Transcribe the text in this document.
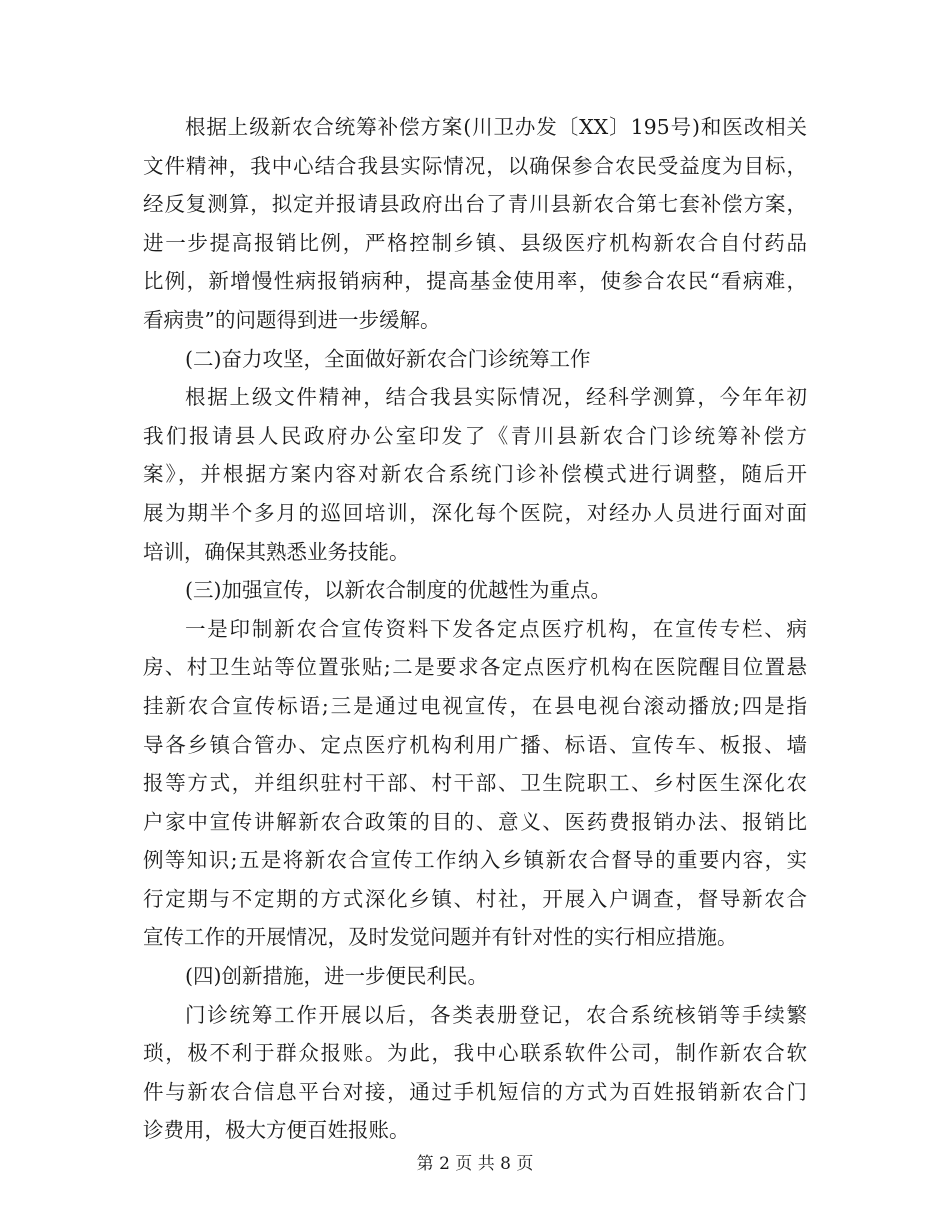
根据上级新农合统筹补偿方案(川卫办发〔XX〕195号)和医改相关
文件精神，我中心结合我县实际情况，以确保参合农民受益度为目标，
经反复测算，拟定并报请县政府出台了青川县新农合第七套补偿方案，
进一步提高报销比例，严格控制乡镇、县级医疗机构新农合自付药品
比例，新增慢性病报销病种，提高基金使用率，使参合农民“看病难，
看病贵”的问题得到进一步缓解。
(二)奋力攻坚，全面做好新农合门诊统筹工作
根据上级文件精神，结合我县实际情况，经科学测算，今年年初
我们报请县人民政府办公室印发了《青川县新农合门诊统筹补偿方
案》，并根据方案内容对新农合系统门诊补偿模式进行调整，随后开
展为期半个多月的巡回培训，深化每个医院，对经办人员进行面对面
培训，确保其熟悉业务技能。
(三)加强宣传，以新农合制度的优越性为重点。
一是印制新农合宣传资料下发各定点医疗机构，在宣传专栏、病
房、村卫生站等位置张贴;二是要求各定点医疗机构在医院醒目位置悬
挂新农合宣传标语;三是通过电视宣传，在县电视台滚动播放;四是指
导各乡镇合管办、定点医疗机构利用广播、标语、宣传车、板报、墙
报等方式，并组织驻村干部、村干部、卫生院职工、乡村医生深化农
户家中宣传讲解新农合政策的目的、意义、医药费报销办法、报销比
例等知识;五是将新农合宣传工作纳入乡镇新农合督导的重要内容，实
行定期与不定期的方式深化乡镇、村社，开展入户调查，督导新农合
宣传工作的开展情况，及时发觉问题并有针对性的实行相应措施。
(四)创新措施，进一步便民利民。
门诊统筹工作开展以后，各类表册登记，农合系统核销等手续繁
琐，极不利于群众报账。为此，我中心联系软件公司，制作新农合软
件与新农合信息平台对接，通过手机短信的方式为百姓报销新农合门
诊费用，极大方便百姓报账。
第 2 页 共 8 页
